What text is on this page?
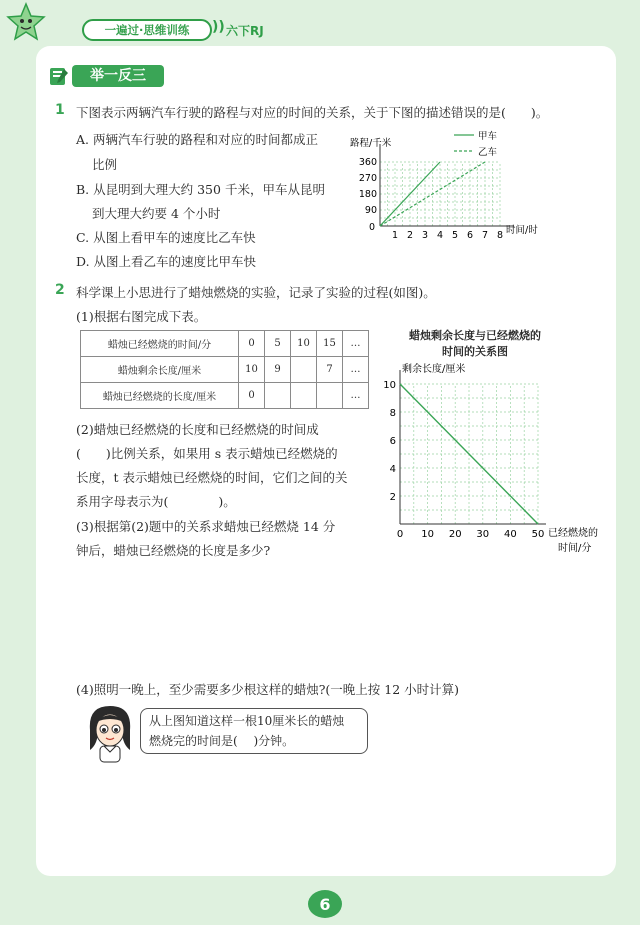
一遍过·思维训练	)) 六下RJ
举一反三
1 下图表示两辆汽车行驶的路程与对应的时间的关系，关于下图的描述错误的是(　　)。
A. 两辆汽车行驶的路程和对应的时间都成正
比例
B. 从昆明到大理大约 350 千米，甲车从昆明
到大理大约要 4 个小时
C. 从图上看甲车的速度比乙车快
D. 从图上看乙车的速度比甲车快
路程/千米
时间/时
0
1 2 3 4 5 6 7 8
90
180
270
360
甲车
乙车
2 科学课上小思进行了蜡烛燃烧的实验，记录了实验的过程(如图)。
(1)根据右图完成下表。
蜡烛已经燃烧的时间/分	0	5	10	15	…
蜡烛剩余长度/厘米	10	9		7	…
蜡烛已经燃烧的长度/厘米	0				…
(2)蜡烛已经燃烧的长度和已经燃烧的时间成
(　　)比例关系，如果用 s 表示蜡烛已经燃烧的
长度，t 表示蜡烛已经燃烧的时间，它们之间的关
系用字母表示为(　　　　)。
(3)根据第(2)题中的关系求蜡烛已经燃烧 14 分
钟后，蜡烛已经燃烧的长度是多少?
蜡烛剩余长度与已经燃烧的
时间的关系图
剩余长度/厘米
已经燃烧的
时间/分
0 10 20 30 40 50
2
4
6
8
10
(4)照明一晚上，至少需要多少根这样的蜡烛?(一晚上按 12 小时计算)
从上图知道这样一根10厘米长的蜡烛
燃烧完的时间是(　 )分钟。
6
